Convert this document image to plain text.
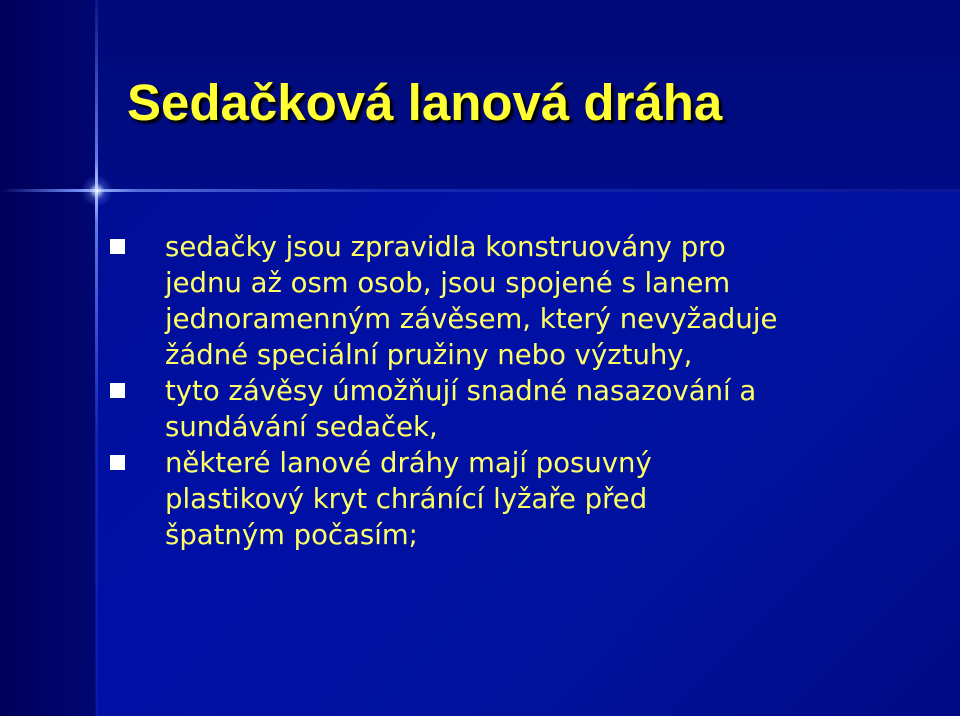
Sedačková lanová dráha
sedačky jsou zpravidla konstruovány pro
jednu až osm osob, jsou spojené s lanem
jednoramenným závěsem, který nevyžaduje
žádné speciální pružiny nebo výztuhy,
tyto závěsy úmožňují snadné nasazování a
sundávání sedaček,
některé lanové dráhy mají posuvný
plastikový kryt chránící lyžaře před
špatným počasím;
